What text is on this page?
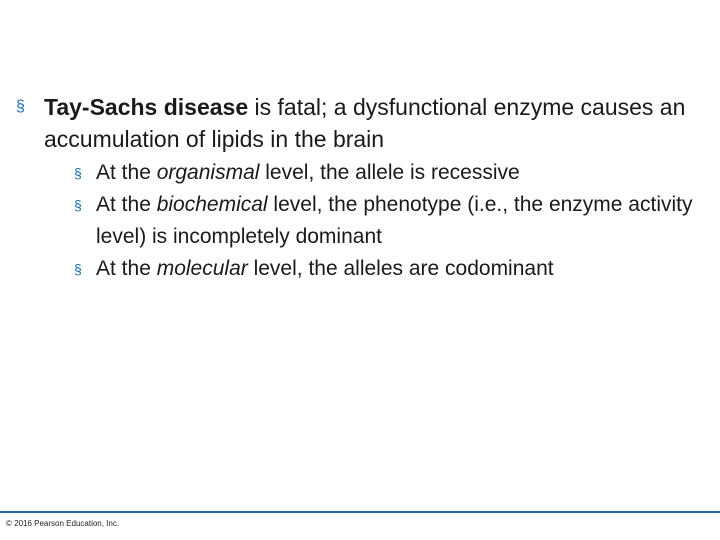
§ Tay-Sachs disease is fatal; a dysfunctional enzyme causes an accumulation of lipids in the brain
§ At the organismal level, the allele is recessive
§ At the biochemical level, the phenotype (i.e., the enzyme activity level) is incompletely dominant
§ At the molecular level, the alleles are codominant
© 2016 Pearson Education, Inc.
